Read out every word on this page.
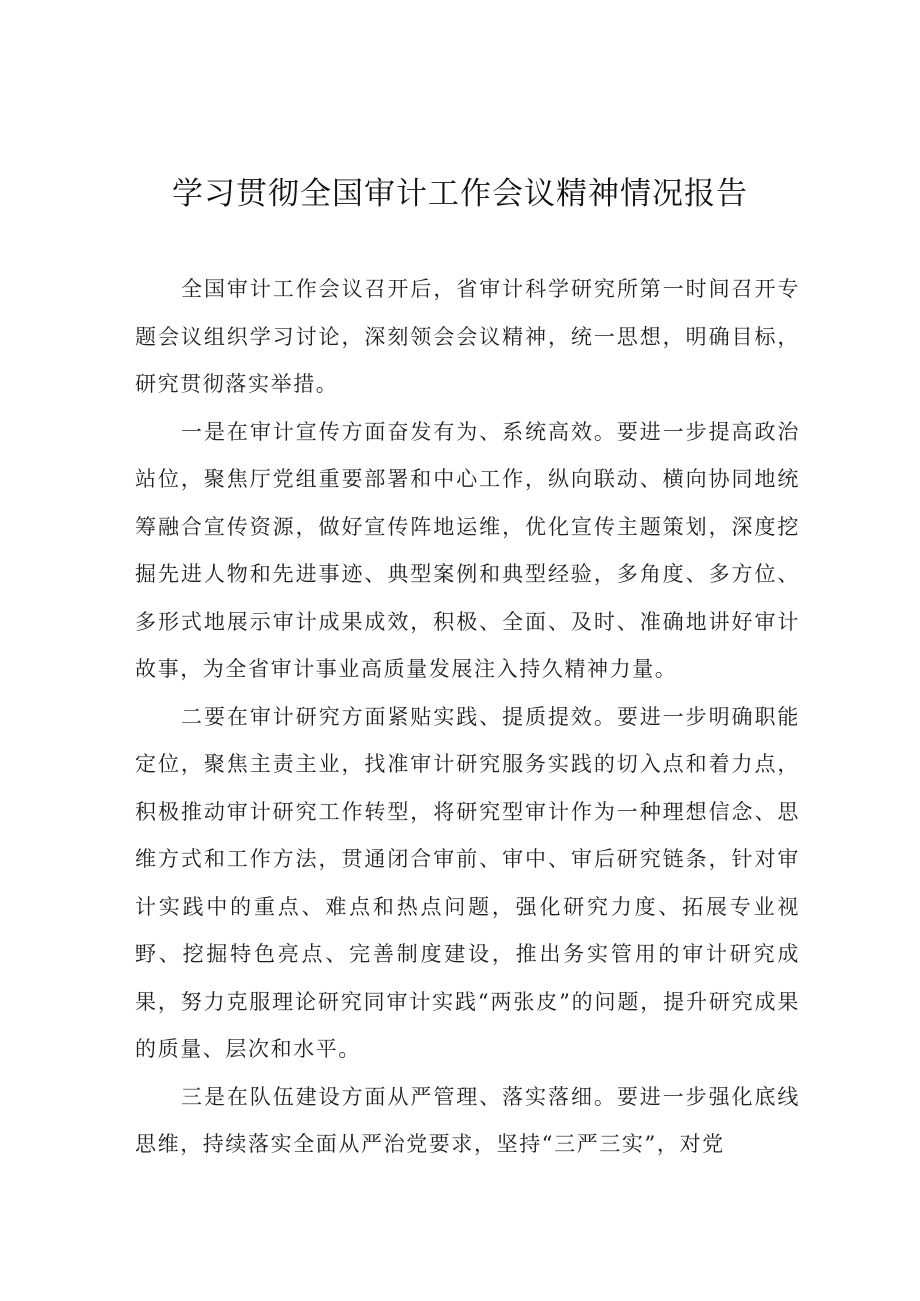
学习贯彻全国审计工作会议精神情况报告

全国审计工作会议召开后，省审计科学研究所第一时间召开专题会议组织学习讨论，深刻领会会议精神，统一思想，明确目标，研究贯彻落实举措。

一是在审计宣传方面奋发有为、系统高效。要进一步提高政治站位，聚焦厅党组重要部署和中心工作，纵向联动、横向协同地统筹融合宣传资源，做好宣传阵地运维，优化宣传主题策划，深度挖掘先进人物和先进事迹、典型案例和典型经验，多角度、多方位、多形式地展示审计成果成效，积极、全面、及时、准确地讲好审计故事，为全省审计事业高质量发展注入持久精神力量。

二要在审计研究方面紧贴实践、提质提效。要进一步明确职能定位，聚焦主责主业，找准审计研究服务实践的切入点和着力点，积极推动审计研究工作转型，将研究型审计作为一种理想信念、思维方式和工作方法，贯通闭合审前、审中、审后研究链条，针对审计实践中的重点、难点和热点问题，强化研究力度、拓展专业视野、挖掘特色亮点、完善制度建设，推出务实管用的审计研究成果，努力克服理论研究同审计实践“两张皮”的问题，提升研究成果的质量、层次和水平。

三是在队伍建设方面从严管理、落实落细。要进一步强化底线思维，持续落实全面从严治党要求，坚持“三严三实”，对党
